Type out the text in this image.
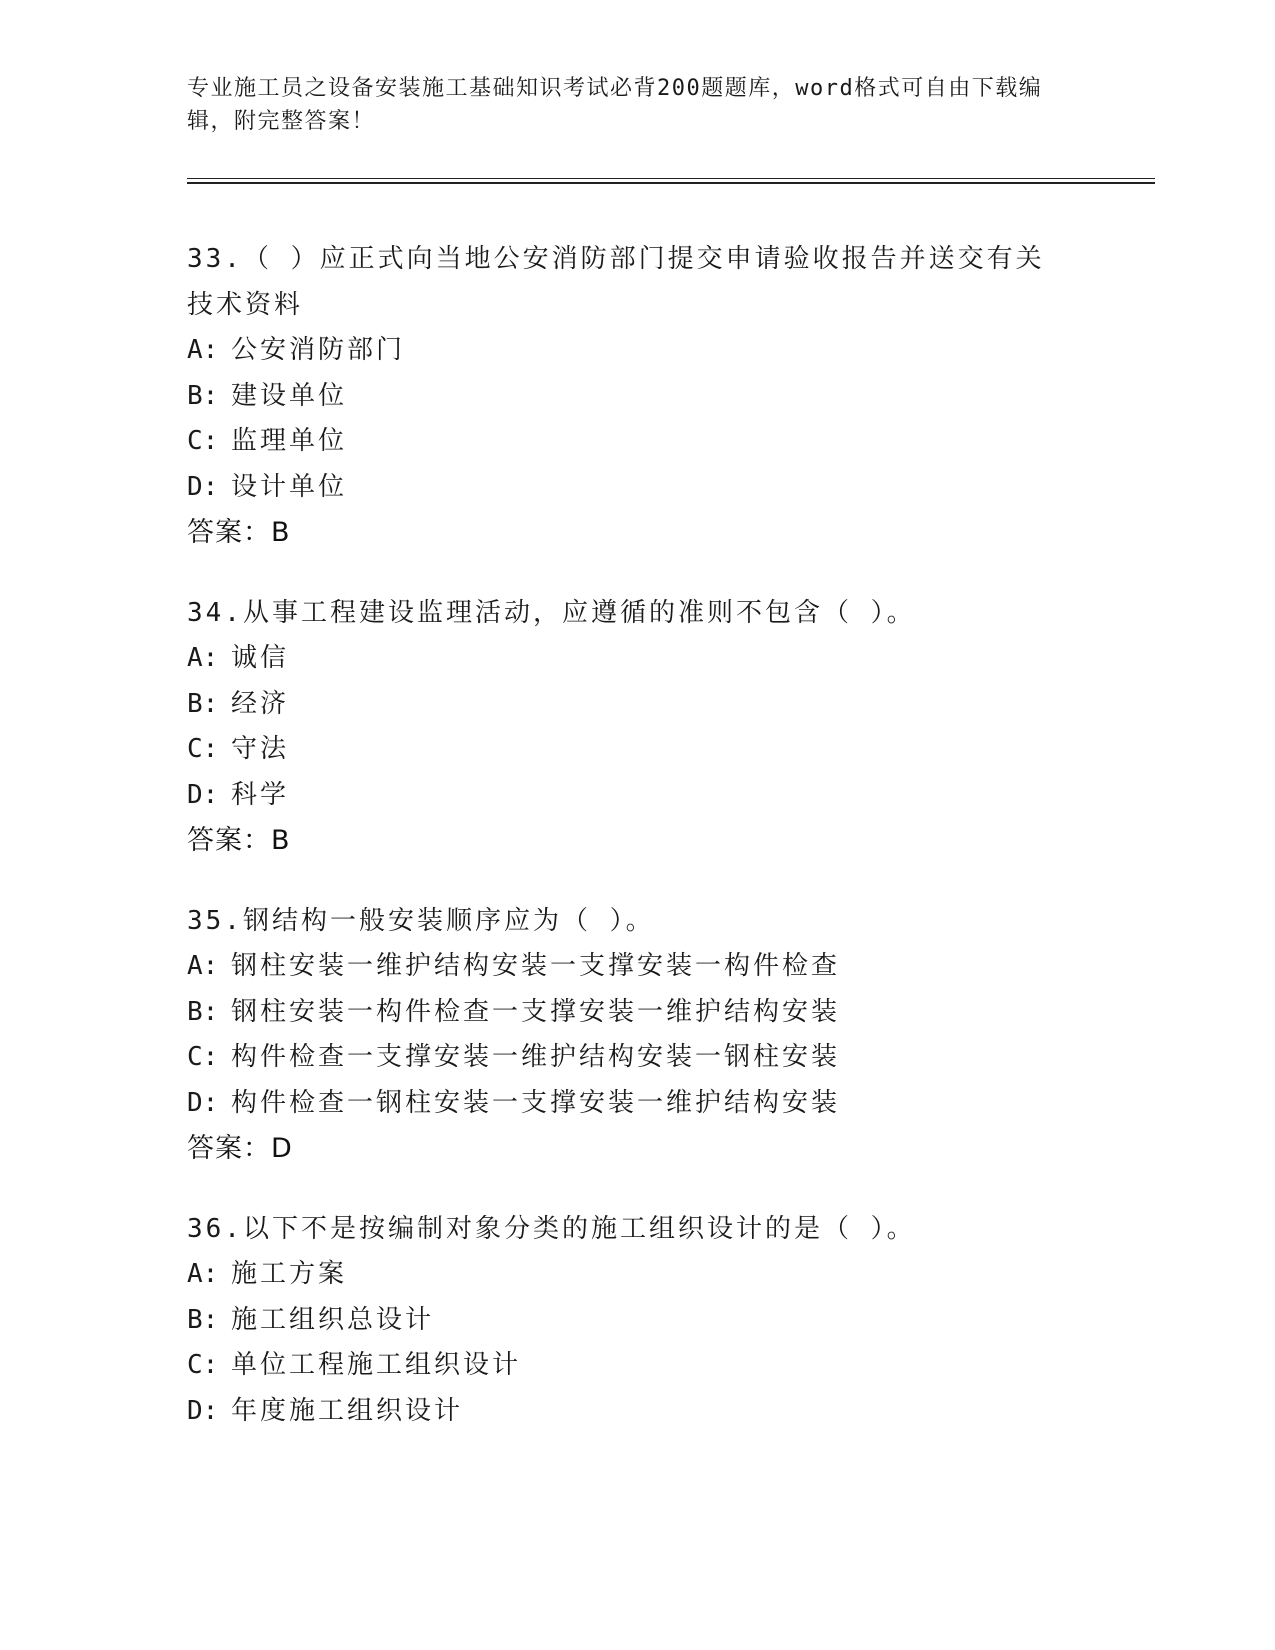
专业施工员之设备安装施工基础知识考试必背200题题库，word格式可自由下载编辑，附完整答案！

33.（ ）应正式向当地公安消防部门提交申请验收报告并送交有关技术资料

A: 公安消防部门

B: 建设单位

C: 监理单位

D: 设计单位

答案：B

34.从事工程建设监理活动，应遵循的准则不包含（ ）。

A: 诚信

B: 经济

C: 守法

D: 科学

答案：B

35.钢结构一般安装顺序应为（ ）。

A: 钢柱安装一维护结构安装一支撑安装一构件检查

B: 钢柱安装一构件检查一支撑安装一维护结构安装

C: 构件检查一支撑安装一维护结构安装一钢柱安装

D: 构件检查一钢柱安装一支撑安装一维护结构安装

答案：D

36.以下不是按编制对象分类的施工组织设计的是（ ）。

A: 施工方案

B: 施工组织总设计

C: 单位工程施工组织设计

D: 年度施工组织设计
